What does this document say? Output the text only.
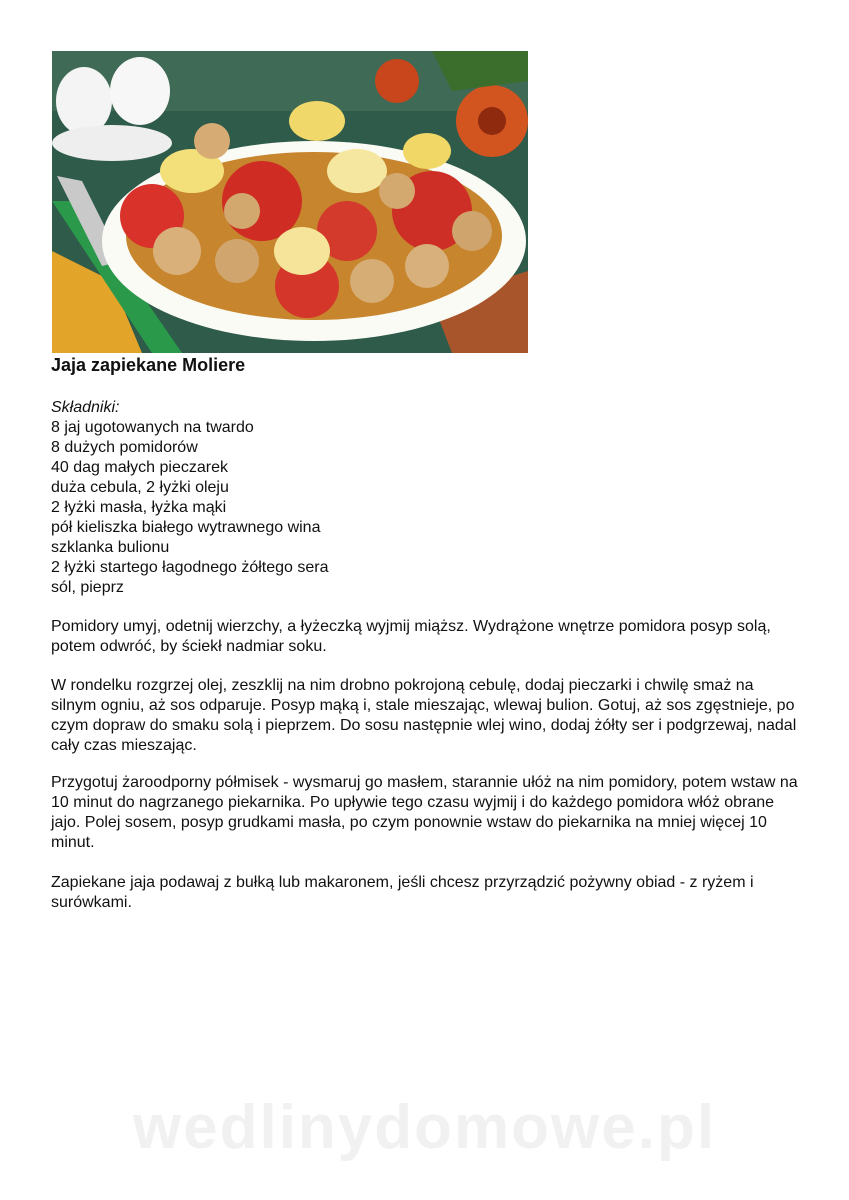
Jaja zapiekane Moliere
Składniki:
8 jaj ugotowanych na twardo
8 dużych pomidorów
40 dag małych pieczarek
duża cebula, 2 łyżki oleju
2 łyżki masła, łyżka mąki
pół kieliszka białego wytrawnego wina
szklanka bulionu
2 łyżki startego łagodnego żółtego sera
sól, pieprz

Pomidory umyj, odetnij wierzchy, a łyżeczką wyjmij miąższ. Wydrążone wnętrze pomidora posyp solą, potem odwróć, by ściekł nadmiar soku.

W rondelku rozgrzej olej, zeszklij na nim drobno pokrojoną cebulę, dodaj pieczarki i chwilę smaż na silnym ogniu, aż sos odparuje. Posyp mąką i, stale mieszając, wlewaj bulion. Gotuj, aż sos zgęstnieje, po czym dopraw do smaku solą i pieprzem. Do sosu następnie wlej wino, dodaj żółty ser i podgrzewaj, nadal cały czas mieszając.

Przygotuj żaroodporny półmisek - wysmaruj go masłem, starannie ułóż na nim pomidory, potem wstaw na 10 minut do nagrzanego piekarnika. Po upływie tego czasu wyjmij i do każdego pomidora włóż obrane jajo. Polej sosem, posyp grudkami masła, po czym ponownie wstaw do piekarnika na mniej więcej 10 minut.

Zapiekane jaja podawaj z bułką lub makaronem, jeśli chcesz przyrządzić pożywny obiad - z ryżem i surówkami.

wedlinydomowe.pl
